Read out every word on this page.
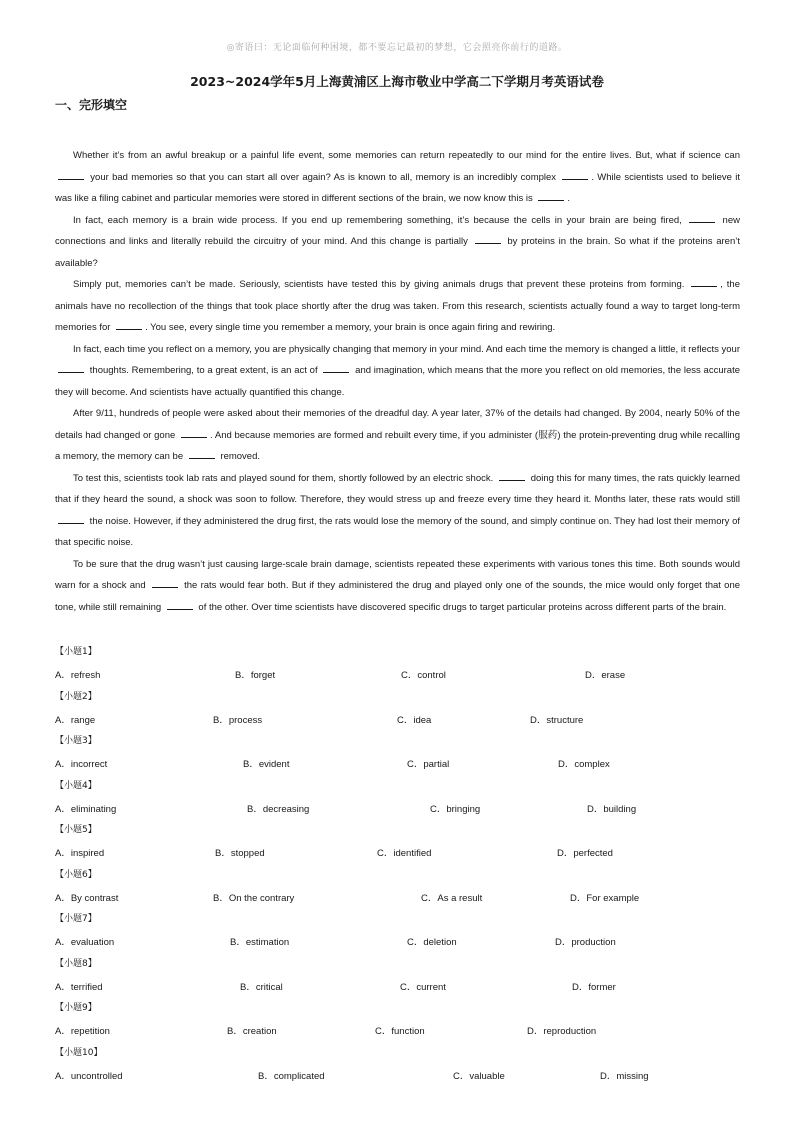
◎寄语曰：无论面临何种困境，都不要忘记最初的梦想，它会照亮你前行的道路。
2023~2024学年5月上海黄浦区上海市敬业中学高二下学期月考英语试卷
一、完形填空

Whether it’s from an awful breakup or a painful life event, some memories can return repeatedly to our mind for the entire lives. But, what if science can  your bad memories so that you can start all over again? As is known to all, memory is an incredibly complex	. While scientists used to believe it was like a filing cabinet and particular memories were stored in different sections of the brain, we now know this is	.

In fact, each memory is a brain wide process. If you end up remembering something, it’s because the cells in your brain are being fired,	new connections and links and literally rebuild the circuitry of your mind. And this change is partially	by proteins in the brain. So what if the proteins aren’t available?

Simply put, memories can’t be made. Seriously, scientists have tested this by giving animals drugs that prevent these proteins from forming.	, the animals have no recollection of the things that took place shortly after the drug was taken. From this research, scientists actually found a way to target long-term memories for	. You see, every single time you remember a memory, your brain is once again firing and rewiring.

In fact, each time you reflect on a memory, you are physically changing that memory in your mind. And each time the memory is changed a little, it reflects your  thoughts. Remembering, to a great extent, is an act of	and imagination, which means that the more you reflect on old memories, the less accurate they will become. And scientists have actually quantified this change.

After 9/11, hundreds of people were asked about their memories of the dreadful day. A year later, 37% of the details had changed. By 2004, nearly 50% of the details had changed or gone	. And because memories are formed and rebuilt every time, if you administer (服药) the protein-preventing drug while recalling a memory, the memory can be	removed.

To test this, scientists took lab rats and played sound for them, shortly followed by an electric shock.	doing this for many times, the rats quickly learned that if they heard the sound, a shock was soon to follow. Therefore, they would stress up and freeze every time they heard it. Months later, these rats would still  the noise. However, if they administered the drug first, the rats would lose the memory of the sound, and simply continue on. They had lost their memory of that specific noise.

To be sure that the drug wasn’t just causing large-scale brain damage, scientists repeated these experiments with various tones this time. Both sounds would warn for a shock and	the rats would fear both. But if they administered the drug and played only one of the sounds, the mice would only forget that one tone, while still remaining	of the other. Over time scientists have discovered specific drugs to target particular proteins across different parts of the brain.

【小题1】
A．refresh	B．forget	C．control	D．erase
【小题2】
A．range	B．process	C．idea	D．structure
【小题3】
A．incorrect	B．evident	C．partial	D．complex
【小题4】
A．eliminating	B．decreasing	C．bringing	D．building
【小题5】
A．inspired	B．stopped	C．identified	D．perfected
【小题6】
A．By contrast	B．On the contrary	C．As a result	D．For example
【小题7】
A．evaluation	B．estimation	C．deletion	D．production
【小题8】
A．terrified	B．critical	C．current	D．former
【小题9】
A．repetition	B．creation	C．function	D．reproduction
【小题10】
A．uncontrolled	B．complicated	C．valuable	D．missing
